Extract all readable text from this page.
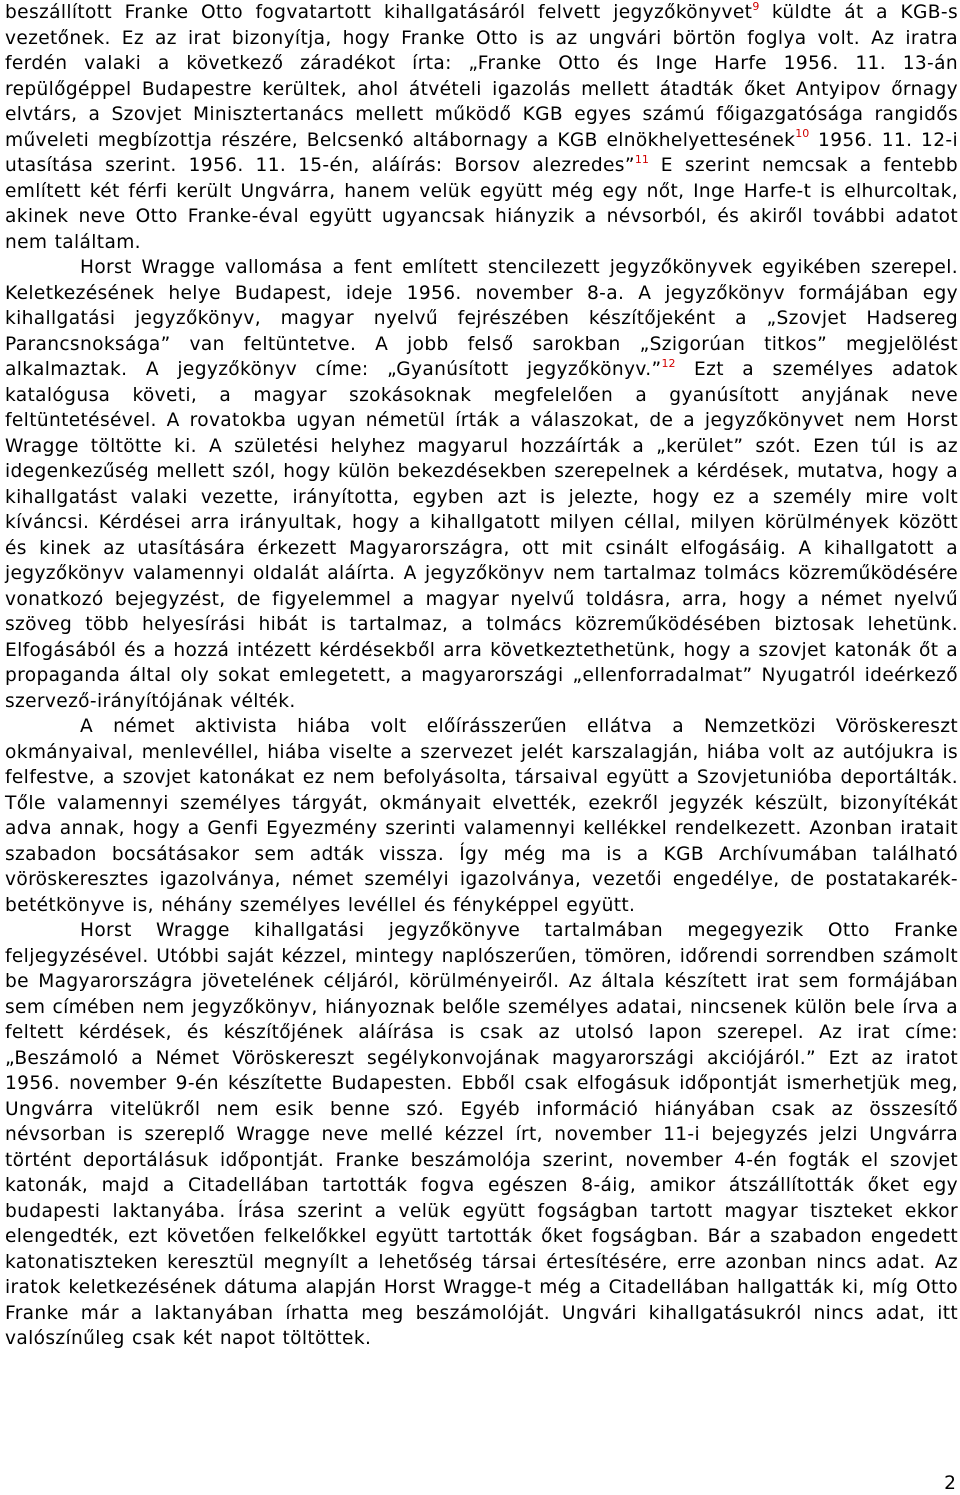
beszállított Franke Otto fogvatartott kihallgatásáról felvett jegyzőkönyvet$^9$ küldte át a KGB-s vezetőnek. Ez az irat bizonyítja, hogy Franke Otto is az ungvári börtön foglya volt. Az iratra ferdén valaki a következő záradékot írta: „Franke Otto és Inge Harfe 1956. 11. 13-án repülőgéppel Budapestre kerültek, ahol átvételi igazolás mellett átadták őket Antyipov őrnagy elvtárs, a Szovjet Minisztertanács mellett működő KGB egyes számú főigazgatósága rangidős műveleti megbízottja részére, Belcsenkó altábornagy a KGB elnökhelyettesének$^{10}$ 1956. 11. 12-i utasítása szerint. 1956. 11. 15-én, aláírás: Borsov alezredes”$^{11}$ E szerint nemcsak a fentebb említett két férfi került Ungvárra, hanem velük együtt még egy nőt, Inge Harfe-t is elhurcoltak, akinek neve Otto Franke-éval együtt ugyancsak hiányzik a névsorból, és akiről további adatot nem találtam.

Horst Wragge vallomása a fent említett stencilezett jegyzőkönyvek egyikében szerepel. Keletkezésének helye Budapest, ideje 1956. november 8-a. A jegyzőkönyv formájában egy kihallgatási jegyzőkönyv, magyar nyelvű fejrészében készítőjeként a „Szovjet Hadsereg Parancsnoksága” van feltüntetve. A jobb felső sarokban „Szigorúan titkos” megjelölést alkalmaztak. A jegyzőkönyv címe: „Gyanúsított jegyzőkönyv.”$^{12}$ Ezt a személyes adatok katalógusa követi, a magyar szokásoknak megfelelően a gyanúsított anyjának neve feltüntetésével. A rovatokba ugyan németül írták a válaszokat, de a jegyzőkönyvet nem Horst Wragge töltötte ki. A születési helyhez magyarul hozzáírták a „kerület” szót. Ezen túl is az idegenkezűség mellett szól, hogy külön bekezdésekben szerepelnek a kérdések, mutatva, hogy a kihallgatást valaki vezette, irányította, egyben azt is jelezte, hogy ez a személy mire volt kíváncsi. Kérdései arra irányultak, hogy a kihallgatott milyen céllal, milyen körülmények között és kinek az utasítására érkezett Magyarországra, ott mit csinált elfogásáig. A kihallgatott a jegyzőkönyv valamennyi oldalát aláírta. A jegyzőkönyv nem tartalmaz tolmács közreműködésére vonatkozó bejegyzést, de figyelemmel a magyar nyelvű toldásra, arra, hogy a német nyelvű szöveg több helyesírási hibát is tartalmaz, a tolmács közreműködésében biztosak lehetünk. Elfogásából és a hozzá intézett kérdésekből arra következtethetünk, hogy a szovjet katonák őt a propaganda által oly sokat emlegetett, a magyarországi „ellenforradalmat” Nyugatról ideérkező szervező-irányítójának vélték.

A német aktivista hiába volt előírásszerűen ellátva a Nemzetközi Vöröskereszt okmányaival, menlevéllel, hiába viselte a szervezet jelét karszalagján, hiába volt az autójukra is felfestve, a szovjet katonákat ez nem befolyásolta, társaival együtt a Szovjetunióba deportálták. Tőle valamennyi személyes tárgyát, okmányait elvették, ezekről jegyzék készült, bizonyítékát adva annak, hogy a Genfi Egyezmény szerinti valamennyi kellékkel rendelkezett. Azonban iratait szabadon bocsátásakor sem adták vissza. Így még ma is a KGB Archívumában található vöröskeresztes igazolványa, német személyi igazolványa, vezetői engedélye, de postatakarék-betétkönyve is, néhány személyes levéllel és fényképpel együtt.

Horst Wragge kihallgatási jegyzőkönyve tartalmában megegyezik Otto Franke feljegyzésével. Utóbbi saját kézzel, mintegy naplószerűen, tömören, időrendi sorrendben számolt be Magyarországra jövetelének céljáról, körülményeiről. Az általa készített irat sem formájában sem címében nem jegyzőkönyv, hiányoznak belőle személyes adatai, nincsenek külön bele írva a feltett kérdések, és készítőjének aláírása is csak az utolsó lapon szerepel. Az irat címe: „Beszámoló a Német Vöröskereszt segélykonvojának magyarországi akciójáról.” Ezt az iratot 1956. november 9-én készítette Budapesten. Ebből csak elfogásuk időpontját ismerhetjük meg, Ungvárra vitelükről nem esik benne szó. Egyéb információ hiányában csak az összesítő névsorban is szereplő Wragge neve mellé kézzel írt, november 11-i bejegyzés jelzi Ungvárra történt deportálásuk időpontját. Franke beszámolója szerint, november 4-én fogták el szovjet katonák, majd a Citadellában tartották fogva egészen 8-áig, amikor átszállították őket egy budapesti laktanyába. Írása szerint a velük együtt fogságban tartott magyar tiszteket ekkor elengedték, ezt követően felkelőkkel együtt tartották őket fogságban. Bár a szabadon engedett katonatiszteken keresztül megnyílt a lehetőség társai értesítésére, erre azonban nincs adat. Az iratok keletkezésének dátuma alapján Horst Wragge-t még a Citadellában hallgatták ki, míg Otto Franke már a laktanyában írhatta meg beszámolóját. Ungvári kihallgatásukról nincs adat, itt valószínűleg csak két napot töltöttek.

2
